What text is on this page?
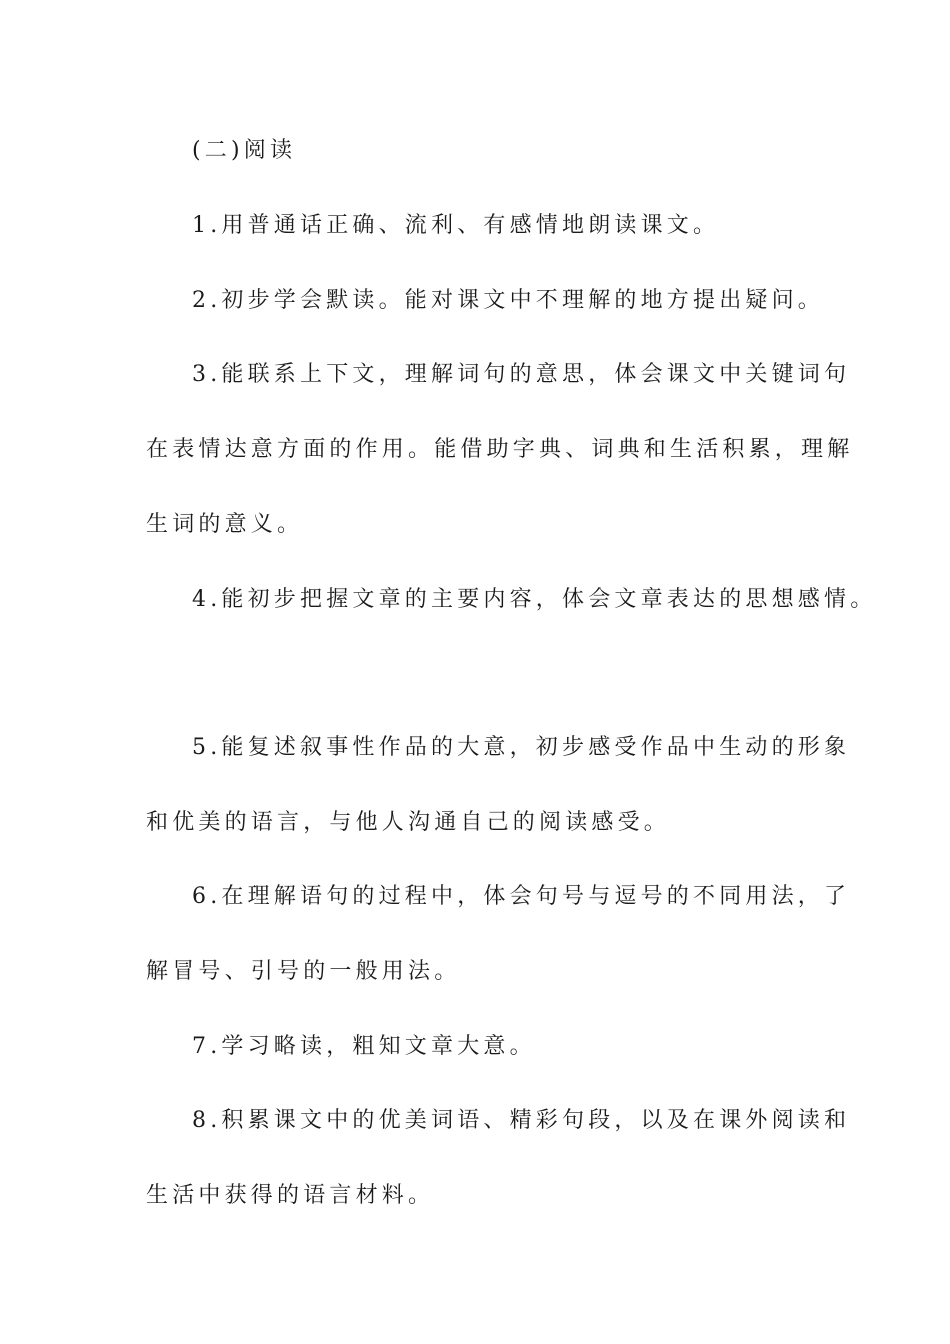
(二)阅读
1.用普通话正确、流利、有感情地朗读课文。
2.初步学会默读。能对课文中不理解的地方提出疑问。
3.能联系上下文，理解词句的意思，体会课文中关键词句
在表情达意方面的作用。能借助字典、词典和生活积累，理解
生词的意义。
4.能初步把握文章的主要内容，体会文章表达的思想感情。
5.能复述叙事性作品的大意，初步感受作品中生动的形象
和优美的语言，与他人沟通自己的阅读感受。
6.在理解语句的过程中，体会句号与逗号的不同用法，了
解冒号、引号的一般用法。
7.学习略读，粗知文章大意。
8.积累课文中的优美词语、精彩句段，以及在课外阅读和
生活中获得的语言材料。
